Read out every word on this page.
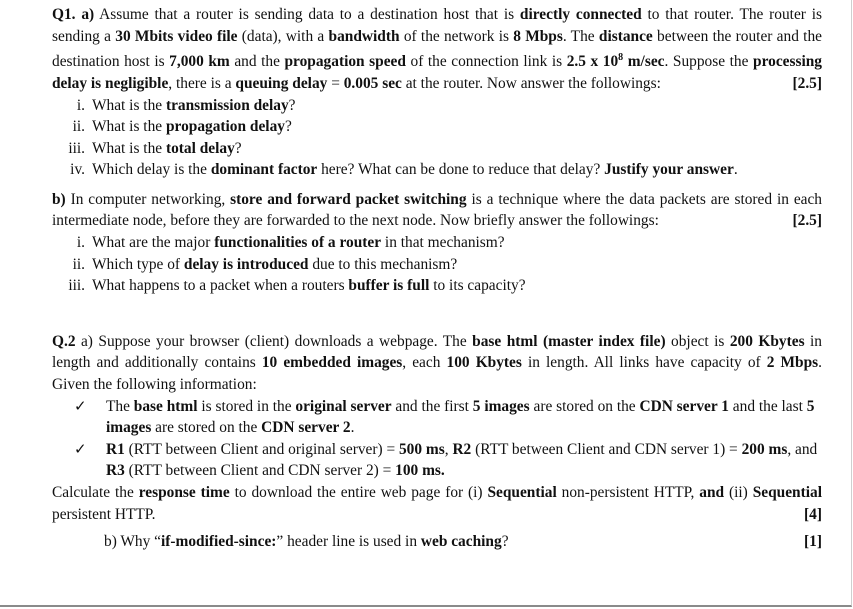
Q1. a) Assume that a router is sending data to a destination host that is directly connected to that router. The router is sending a 30 Mbits video file (data), with a bandwidth of the network is 8 Mbps. The distance between the router and the destination host is 7,000 km and the propagation speed of the connection link is 2.5 x $10^8$ m/sec. Suppose the processing delay is negligible, there is a queuing delay = 0.005 sec at the router. Now answer the followings:	[2.5]

i. What is the transmission delay?
ii. What is the propagation delay?
iii. What is the total delay?
iv. Which delay is the dominant factor here? What can be done to reduce that delay? Justify your answer.

b) In computer networking, store and forward packet switching is a technique where the data packets are stored in each intermediate node, before they are forwarded to the next node. Now briefly answer the followings:	[2.5]

i. What are the major functionalities of a router in that mechanism?
ii. Which type of delay is introduced due to this mechanism?
iii. What happens to a packet when a routers buffer is full to its capacity?

Q.2 a) Suppose your browser (client) downloads a webpage. The base html (master index file) object is 200 Kbytes in length and additionally contains 10 embedded images, each 100 Kbytes in length. All links have capacity of 2 Mbps. Given the following information:

✓	The base html is stored in the original server and the first 5 images are stored on the CDN server 1 and the last 5 images are stored on the CDN server 2.
✓	R1 (RTT between Client and original server) = 500 ms, R2 (RTT between Client and CDN server 1) = 200 ms, and R3 (RTT between Client and CDN server 2) = 100 ms.

Calculate the response time to download the entire web page for (i) Sequential non-persistent HTTP, and (ii) Sequential persistent HTTP.	[4]

b) Why “if-modified-since:” header line is used in web caching?	[1]
